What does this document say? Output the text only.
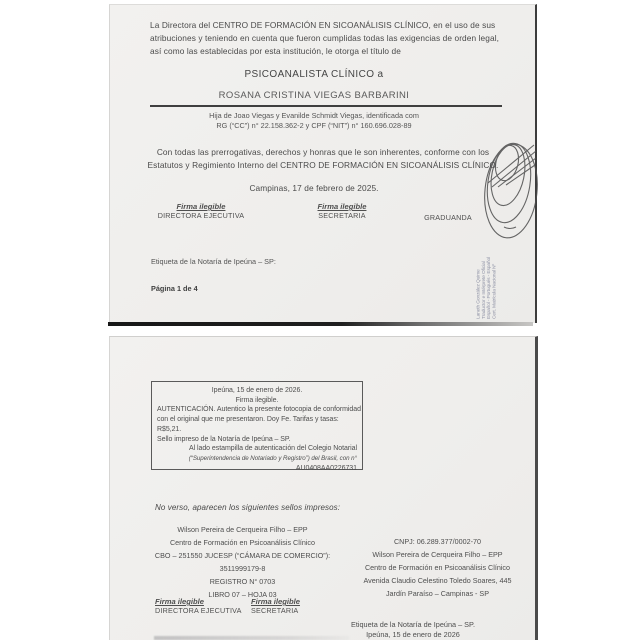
La Directora del CENTRO DE FORMACIÓN EN SICOANÁLISIS CLÍNICO, en el uso de sus
atribuciones y teniendo en cuenta que fueron cumplidas todas las exigencias de orden legal,
así como las establecidas por esta institución, le otorga el título de
PSICOANALISTA CLÍNICO a
ROSANA CRISTINA VIEGAS BARBARINI
Hija de Joao Viegas y Evanilde Schmidt Viegas, identificada com
RG (“CC”) n° 22.158.362-2 y CPF (“NIT”) n° 160.696.028-89
Con todas las prerrogativas, derechos y honras que le son inherentes, conforme con los
Estatutos y Regimiento Interno del CENTRO DE FORMACIÓN EN SICOANÁLISIS CLÍNICO.
Campinas, 17 de febrero de 2025.
Firma ilegible
DIRECTORA EJECUTIVA
Firma ilegible
SECRETARIA	GRADUANDA
Etiqueta de la Notaría de Ipeúna – SP:
Página 1 de 4	Laneth González Quime Traductor e Intérprete Oficial Español - Portugués - Español Cert. Matrícula Nacional Nº
Ipeúna, 15 de enero de 2026.
Firma ilegible.
AUTENTICACIÓN. Autentico la presente fotocopia de conformidad
con el original que me presentaron. Doy Fe. Tarifas y tasas:
R$5,21.
Sello impreso de la Notaría de Ipeúna – SP.
Al lado estampilla de autenticación del Colegio Notarial
(“Superintendencia de Notariado y Registro”) del Brasil, con n°
AU0408AA0226731
No verso, aparecen los siguientes sellos impresos:
Wilson Pereira de Cerqueira Filho – EPP
Centro de Formación en Psicoanálisis Clínico
CBO – 251550 JUCESP (“CÁMARA DE COMERCIO”):
3511999179-8
REGISTRO N° 0703
LIBRO 07 – HOJA 03
CNPJ: 06.289.377/0002-70
Wilson Pereira de Cerqueira Filho – EPP
Centro de Formación en Psicoanálisis Clínico
Avenida Claudio Celestino Toledo Soares, 445
Jardín Paraíso – Campinas - SP
Firma ilegible
DIRECTORA EJECUTIVA
Firma ilegible
SECRETARIA
Etiqueta de la Notaría de Ipeúna – SP.
Ipeúna, 15 de enero de 2026
